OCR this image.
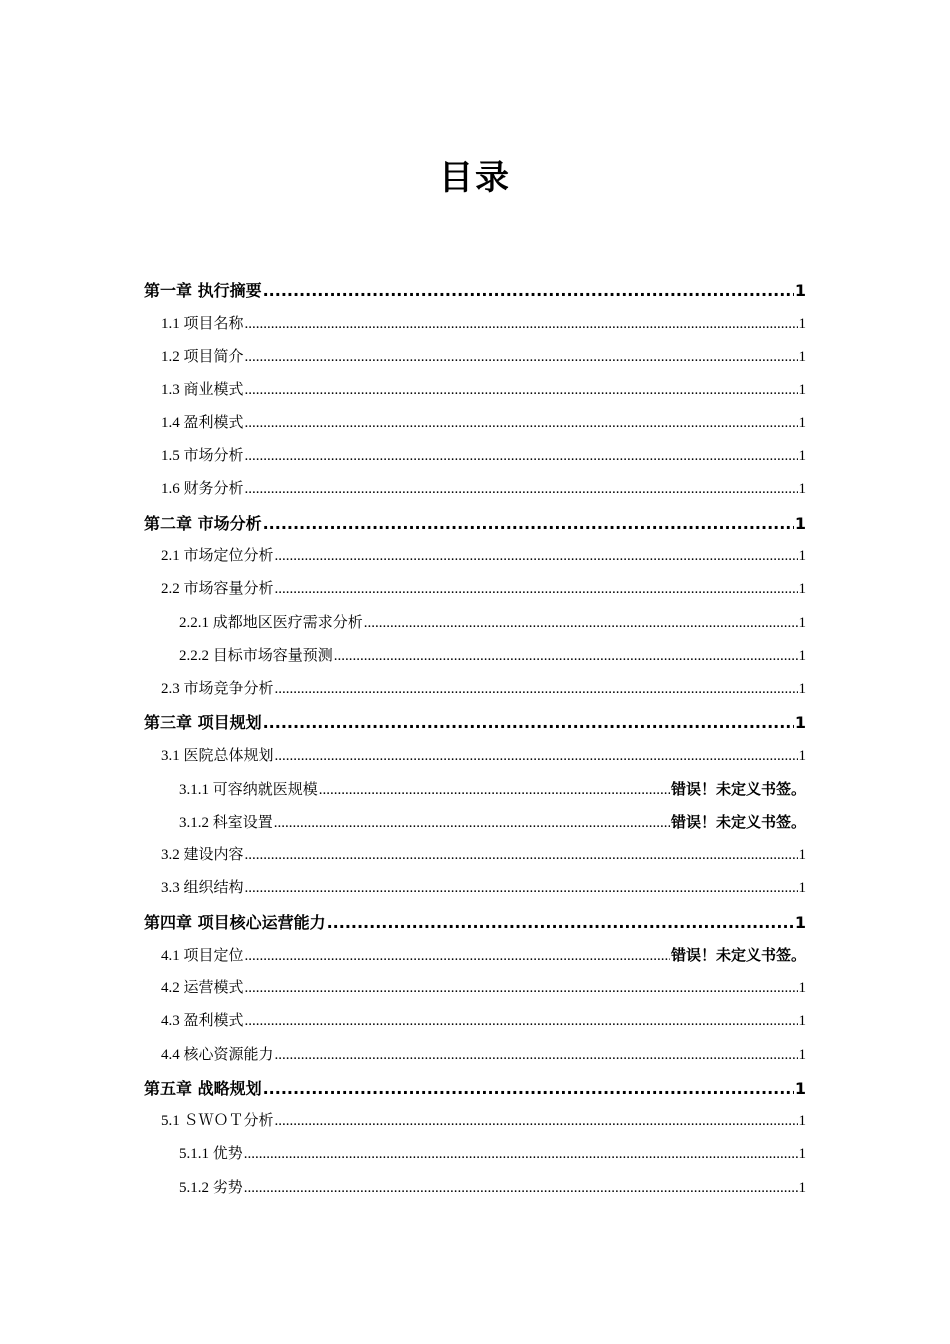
目录
第一章 执行摘要 .....	1
1.1 项目名称 .....	1
1.2 项目简介 .....	1
1.3 商业模式 .....	1
1.4 盈利模式 .....	1
1.5 市场分析 .....	1
1.6 财务分析 .....	1
第二章 市场分析 .....	1
2.1 市场定位分析 .....	1
2.2 市场容量分析 .....	1
2.2.1 成都地区医疗需求分析 .....	1
2.2.2 目标市场容量预测 .....	1
2.3 市场竞争分析 .....	1
第三章 项目规划 .....	1
3.1 医院总体规划 .....	1
3.1.1 可容纳就医规模 .....	错误！未定义书签。
3.1.2 科室设置 .....	错误！未定义书签。
3.2 建设内容 .....	1
3.3 组织结构 .....	1
第四章 项目核心运营能力 .....	1
4.1 项目定位 .....	错误！未定义书签。
4.2 运营模式 .....	1
4.3 盈利模式 .....	1
4.4 核心资源能力 .....	1
第五章 战略规划 .....	1
5.1 ＳＷＯＴ分析 .....	1
5.1.1 优势 .....	1
5.1.2 劣势 .....	1
